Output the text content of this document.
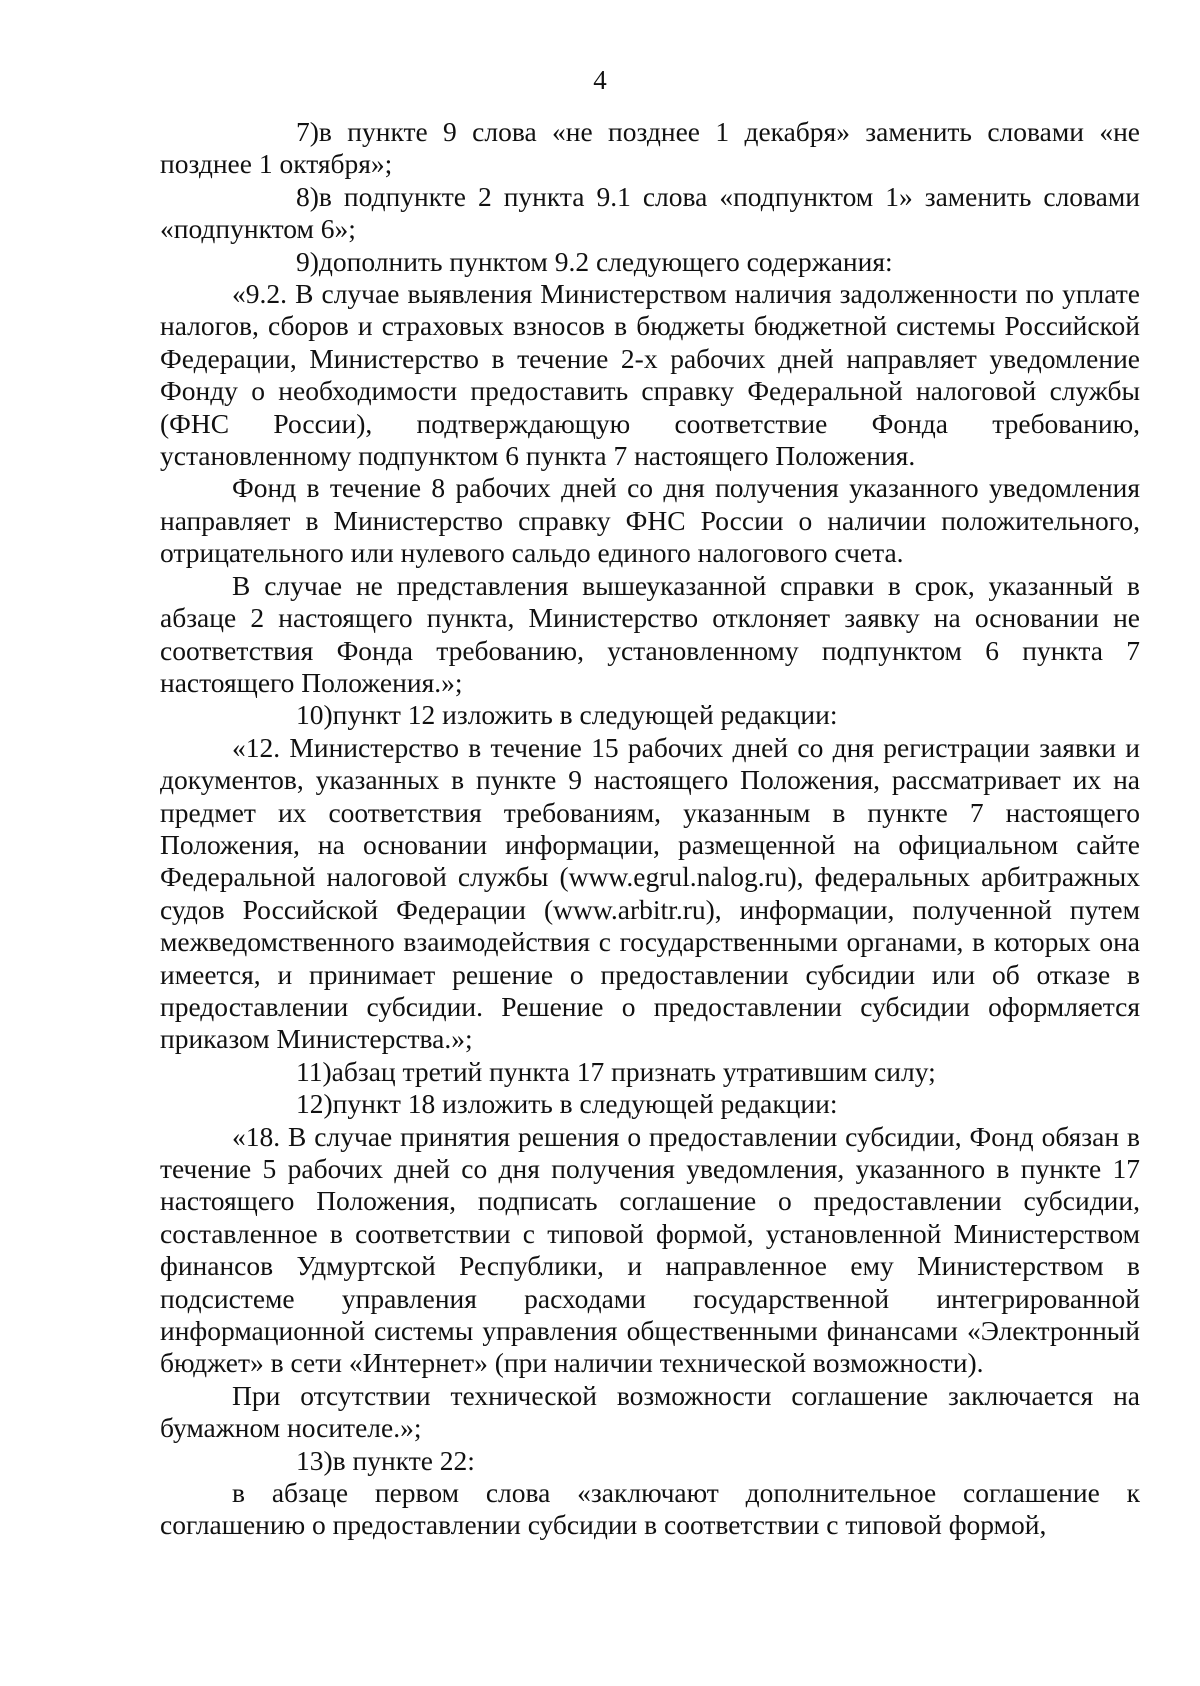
4

7)в пункте 9 слова «не позднее 1 декабря» заменить словами «не позднее 1 октября»;

8)в подпункте 2 пункта 9.1 слова «подпунктом 1» заменить словами «подпунктом 6»;

9)дополнить пунктом 9.2 следующего содержания:

«9.2. В случае выявления Министерством наличия задолженности по уплате налогов, сборов и страховых взносов в бюджеты бюджетной системы Российской Федерации, Министерство в течение 2-х рабочих дней направляет уведомление Фонду о необходимости предоставить справку Федеральной налоговой службы (ФНС России), подтверждающую соответствие Фонда требованию, установленному подпунктом 6 пункта 7 настоящего Положения.

Фонд в течение 8 рабочих дней со дня получения указанного уведомления направляет в Министерство справку ФНС России о наличии положительного, отрицательного или нулевого сальдо единого налогового счета.

В случае не представления вышеуказанной справки в срок, указанный в абзаце 2 настоящего пункта, Министерство отклоняет заявку на основании не соответствия Фонда требованию, установленному подпунктом 6 пункта 7 настоящего Положения.»;

10)пункт 12 изложить в следующей редакции:

«12. Министерство в течение 15 рабочих дней со дня регистрации заявки и документов, указанных в пункте 9 настоящего Положения, рассматривает их на предмет их соответствия требованиям, указанным в пункте 7 настоящего Положения, на основании информации, размещенной на официальном сайте Федеральной налоговой службы (www.egrul.nalog.ru), федеральных арбитражных судов Российской Федерации (www.arbitr.ru), информации, полученной путем межведомственного взаимодействия с государственными органами, в которых она имеется, и принимает решение о предоставлении субсидии или об отказе в предоставлении субсидии. Решение о предоставлении субсидии оформляется приказом Министерства.»;

11)абзац третий пункта 17 признать утратившим силу;

12)пункт 18 изложить в следующей редакции:

«18. В случае принятия решения о предоставлении субсидии, Фонд обязан в течение 5 рабочих дней со дня получения уведомления, указанного в пункте 17 настоящего Положения, подписать соглашение о предоставлении субсидии, составленное в соответствии с типовой формой, установленной Министерством финансов Удмуртской Республики, и направленное ему Министерством в подсистеме управления расходами государственной интегрированной информационной системы управления общественными финансами «Электронный бюджет» в сети «Интернет» (при наличии технической возможности).

При отсутствии технической возможности соглашение заключается на бумажном носителе.»;

13)в пункте 22:

в абзаце первом слова «заключают дополнительное соглашение к соглашению о предоставлении субсидии в соответствии с типовой формой,
